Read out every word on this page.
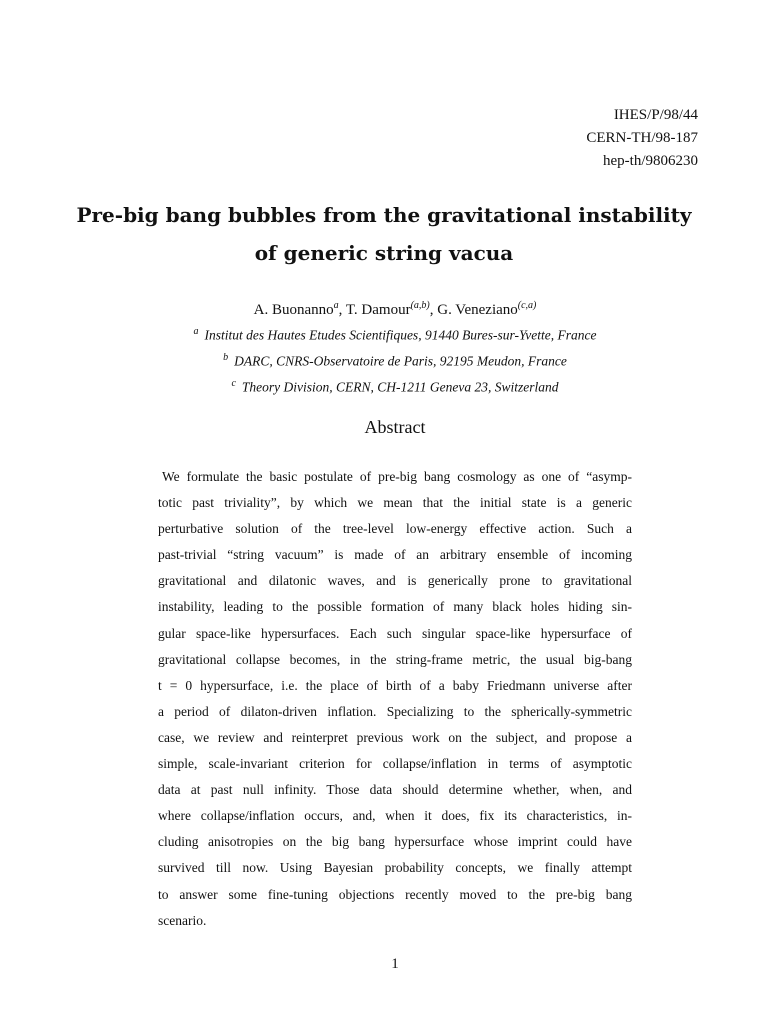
IHES/P/98/44
CERN-TH/98-187
hep-th/9806230
Pre-big bang bubbles from the gravitational instability
of generic string vacua
A. Buonanno$^a$, T. Damour$^{(a,b)}$, G. Veneziano$^{(c,a)}$
$^a$ Institut des Hautes Etudes Scientifiques, 91440 Bures-sur-Yvette, France
$^b$ DARC, CNRS-Observatoire de Paris, 92195 Meudon, France
$^c$ Theory Division, CERN, CH-1211 Geneva 23, Switzerland
Abstract
We formulate the basic postulate of pre-big bang cosmology as one of “asymp-
totic past triviality”, by which we mean that the initial state is a generic
perturbative solution of the tree-level low-energy effective action. Such a
past-trivial “string vacuum” is made of an arbitrary ensemble of incoming
gravitational and dilatonic waves, and is generically prone to gravitational
instability, leading to the possible formation of many black holes hiding sin-
gular space-like hypersurfaces. Each such singular space-like hypersurface of
gravitational collapse becomes, in the string-frame metric, the usual big-bang
t = 0 hypersurface, i.e. the place of birth of a baby Friedmann universe after
a period of dilaton-driven inflation. Specializing to the spherically-symmetric
case, we review and reinterpret previous work on the subject, and propose a
simple, scale-invariant criterion for collapse/inflation in terms of asymptotic
data at past null infinity. Those data should determine whether, when, and
where collapse/inflation occurs, and, when it does, fix its characteristics, in-
cluding anisotropies on the big bang hypersurface whose imprint could have
survived till now. Using Bayesian probability concepts, we finally attempt
to answer some fine-tuning objections recently moved to the pre-big bang
scenario.
1
